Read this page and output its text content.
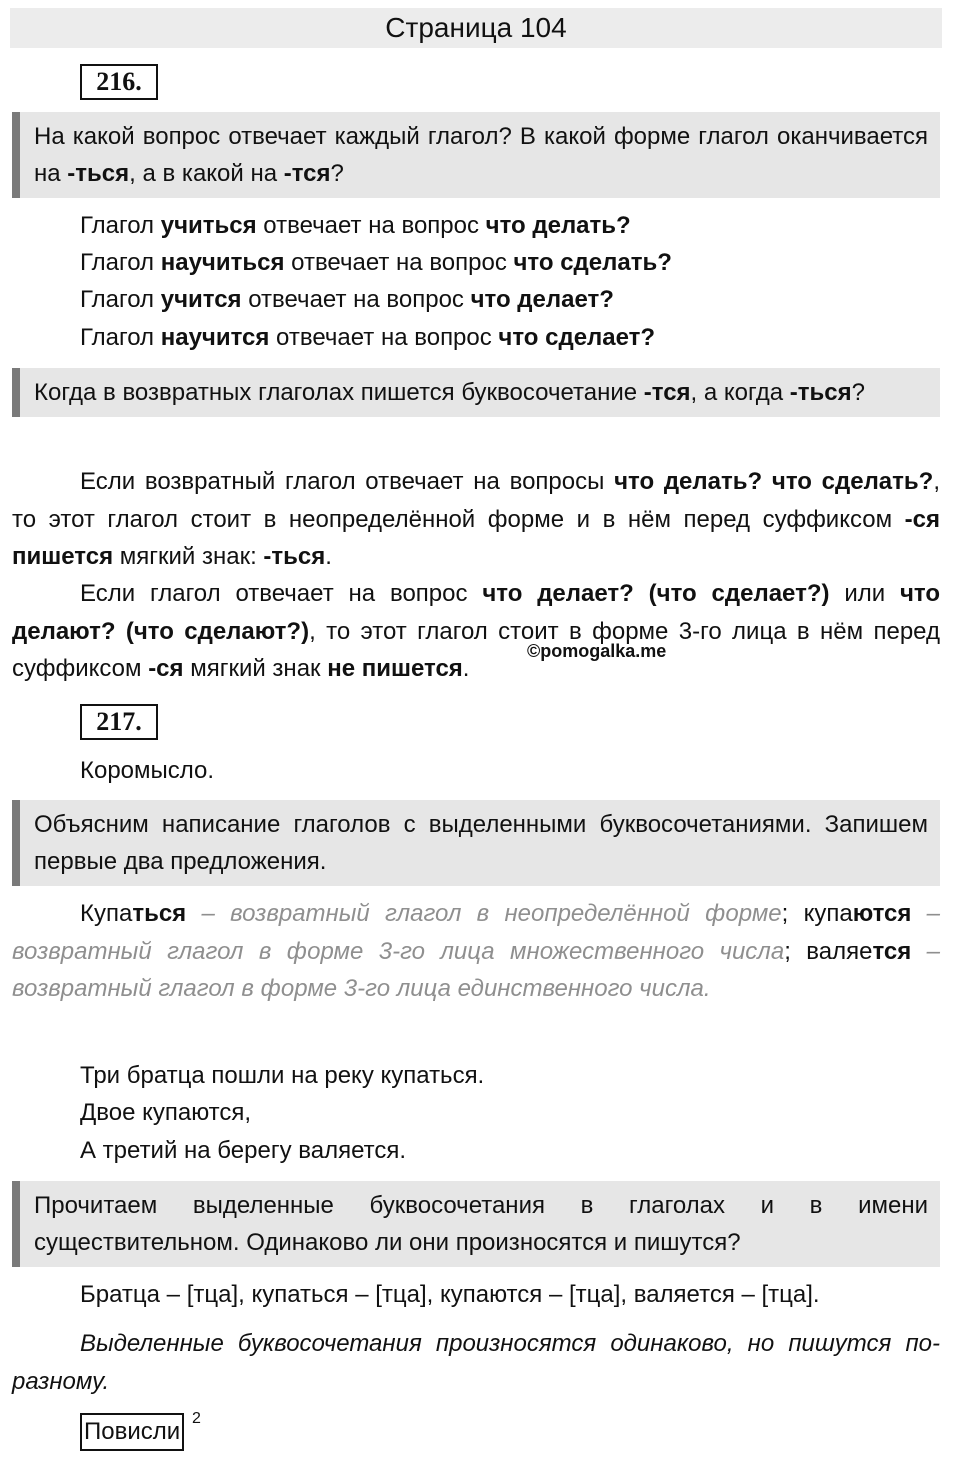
Страница 104
216.
На какой вопрос отвечает каждый глагол? В какой форме глагол оканчивается на -ться, а в какой на -тся?
Глагол учиться отвечает на вопрос что делать?
Глагол научиться отвечает на вопрос что сделать?
Глагол учится отвечает на вопрос что делает?
Глагол научится отвечает на вопрос что сделает?
Когда в возвратных глаголах пишется буквосочетание -тся, а когда -ться?
Если возвратный глагол отвечает на вопросы что делать? что сделать?, то этот глагол стоит в неопределённой форме и в нём перед суффиксом -ся пишется мягкий знак: -ться.
Если глагол отвечает на вопрос что делает? (что сделает?) или что делают? (что сделают?), то этот глагол стоит в форме 3-го лица в нём перед суффиксом -ся мягкий знак не пишется.
©pomogalka.me
217.
Коромысло.
Объясним написание глаголов с выделенными буквосочетаниями. Запишем первые два предложения.
Купаться – возвратный глагол в неопределённой форме; купаются – возвратный глагол в форме 3-го лица множественного числа; валяется – возвратный глагол в форме 3-го лица единственного числа.
Три братца пошли на реку купаться.
Двое купаются,
А третий на берегу валяется.
Прочитаем выделенные буквосочетания в глаголах и в имени существительном. Одинаково ли они произносятся и пишутся?
Братца – [тца], купаться – [тца], купаются – [тца], валяется – [тца].
Выделенные буквосочетания произносятся одинаково, но пишутся по-разному.
Повисли 2
